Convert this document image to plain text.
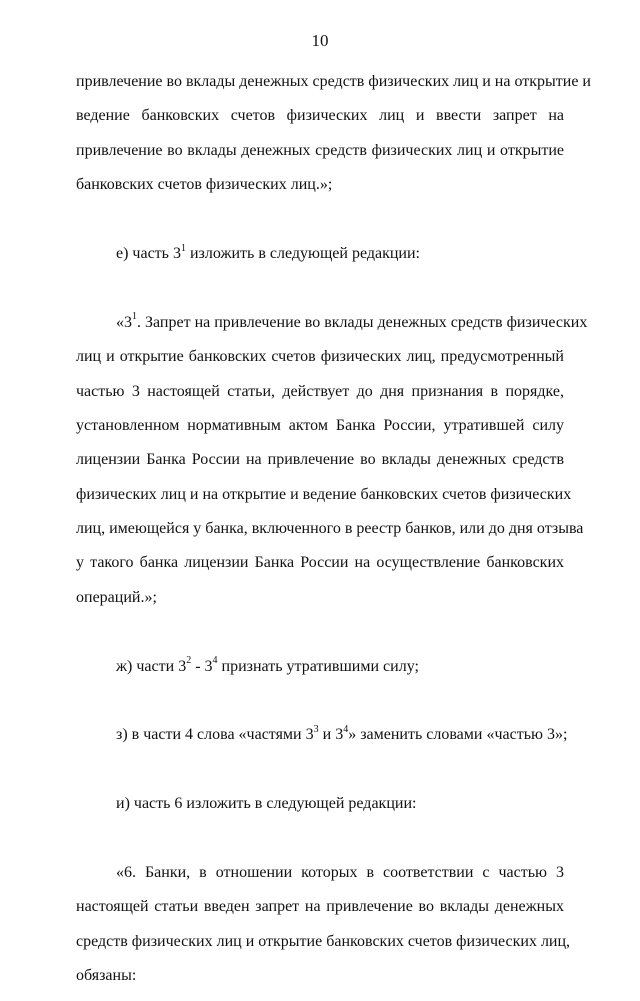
10
привлечение во вклады денежных средств физических лиц и на открытие и
ведение банковских счетов физических лиц и ввести запрет на
привлечение во вклады денежных средств физических лиц и открытие
банковских счетов физических лиц.»;
е) часть $3^1$ изложить в следующей редакции:
«$3^1$. Запрет на привлечение во вклады денежных средств физических
лиц и открытие банковских счетов физических лиц, предусмотренный
частью 3 настоящей статьи, действует до дня признания в порядке,
установленном нормативным актом Банка России, утратившей силу
лицензии Банка России на привлечение во вклады денежных средств
физических лиц и на открытие и ведение банковских счетов физических
лиц, имеющейся у банка, включенного в реестр банков, или до дня отзыва
у такого банка лицензии Банка России на осуществление банковских
операций.»;
ж) части $3^2 - 3^4$ признать утратившими силу;
з) в части 4 слова «частями $3^3$ и $3^4$» заменить словами «частью 3»;
и) часть 6 изложить в следующей редакции:
«6. Банки, в отношении которых в соответствии с частью 3
настоящей статьи введен запрет на привлечение во вклады денежных
средств физических лиц и открытие банковских счетов физических лиц,
обязаны:
